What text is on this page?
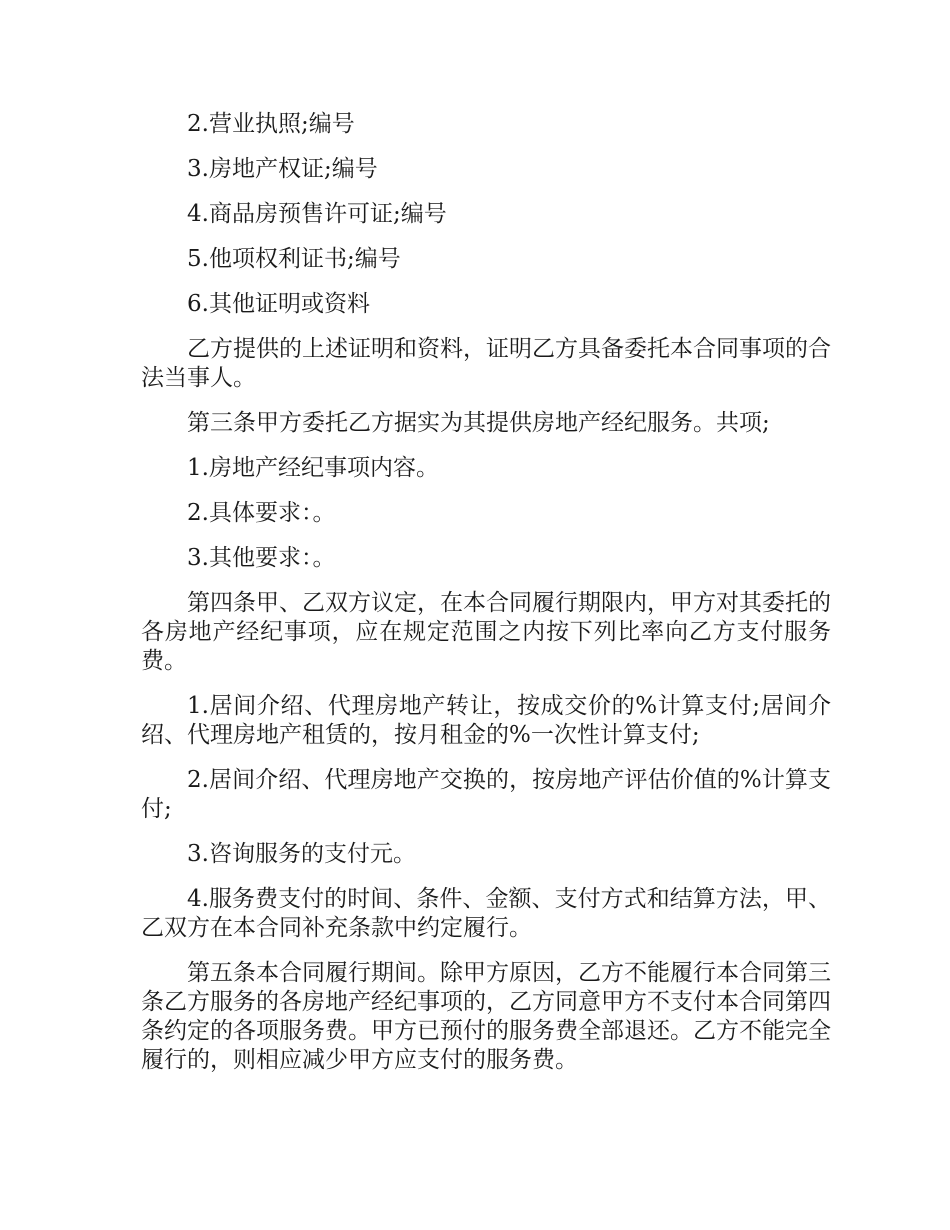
2.营业执照;编号

3.房地产权证;编号

4.商品房预售许可证;编号

5.他项权利证书;编号

6.其他证明或资料

乙方提供的上述证明和资料，证明乙方具备委托本合同事项的合法当事人。

第三条甲方委托乙方据实为其提供房地产经纪服务。共项;

1.房地产经纪事项内容。

2.具体要求：。

3.其他要求：。

第四条甲、乙双方议定，在本合同履行期限内，甲方对其委托的各房地产经纪事项，应在规定范围之内按下列比率向乙方支付服务费。

1.居间介绍、代理房地产转让，按成交价的%计算支付;居间介绍、代理房地产租赁的，按月租金的%一次性计算支付;

2.居间介绍、代理房地产交换的，按房地产评估价值的%计算支付;

3.咨询服务的支付元。

4.服务费支付的时间、条件、金额、支付方式和结算方法，甲、乙双方在本合同补充条款中约定履行。

第五条本合同履行期间。除甲方原因，乙方不能履行本合同第三条乙方服务的各房地产经纪事项的，乙方同意甲方不支付本合同第四条约定的各项服务费。甲方已预付的服务费全部退还。乙方不能完全履行的，则相应减少甲方应支付的服务费。
